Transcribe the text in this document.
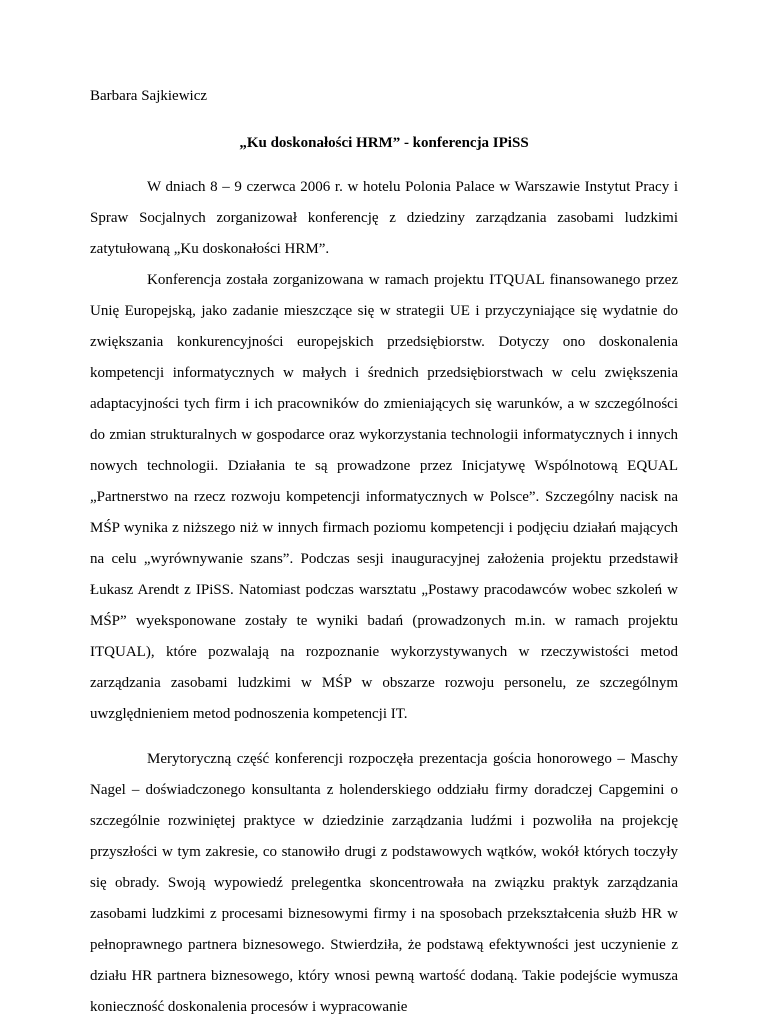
Barbara Sajkiewicz

„Ku doskonałości HRM” - konferencja IPiSS

W dniach 8 – 9 czerwca 2006 r. w hotelu Polonia Palace w Warszawie Instytut Pracy i Spraw Socjalnych zorganizował konferencję z dziedziny zarządzania zasobami ludzkimi zatytułowaną „Ku doskonałości HRM”.

Konferencja została zorganizowana w ramach projektu ITQUAL finansowanego przez Unię Europejską, jako zadanie mieszczące się w strategii UE i przyczyniające się wydatnie do zwiększania konkurencyjności europejskich przedsiębiorstw. Dotyczy ono doskonalenia kompetencji informatycznych w małych i średnich przedsiębiorstwach w celu zwiększenia adaptacyjności tych firm i ich pracowników do zmieniających się warunków, a w szczególności do zmian strukturalnych w gospodarce oraz wykorzystania technologii informatycznych i innych nowych technologii. Działania te są prowadzone przez Inicjatywę Wspólnotową EQUAL „Partnerstwo na rzecz rozwoju kompetencji informatycznych w Polsce”. Szczególny nacisk na MŚP wynika z niższego niż w innych firmach poziomu kompetencji i podjęciu działań mających na celu „wyrównywanie szans”. Podczas sesji inauguracyjnej założenia projektu przedstawił Łukasz Arendt z IPiSS. Natomiast podczas warsztatu „Postawy pracodawców wobec szkoleń w MŚP” wyeksponowane zostały te wyniki badań (prowadzonych m.in. w ramach projektu ITQUAL), które pozwalają na rozpoznanie wykorzystywanych w rzeczywistości metod zarządzania zasobami ludzkimi w MŚP w obszarze rozwoju personelu, ze szczególnym uwzględnieniem metod podnoszenia kompetencji IT.

Merytoryczną część konferencji rozpoczęła prezentacja gościa honorowego – Maschy Nagel – doświadczonego konsultanta z holenderskiego oddziału firmy doradczej Capgemini o szczególnie rozwiniętej praktyce w dziedzinie zarządzania ludźmi i pozwoliła na projekcję przyszłości w tym zakresie, co stanowiło drugi z podstawowych wątków, wokół których toczyły się obrady. Swoją wypowiedź prelegentka skoncentrowała na związku praktyk zarządzania zasobami ludzkimi z procesami biznesowymi firmy i na sposobach przekształcenia służb HR w pełnoprawnego partnera biznesowego. Stwierdziła, że podstawą efektywności jest uczynienie z działu HR partnera biznesowego, który wnosi pewną wartość dodaną. Takie podejście wymusza konieczność doskonalenia procesów i wypracowanie
